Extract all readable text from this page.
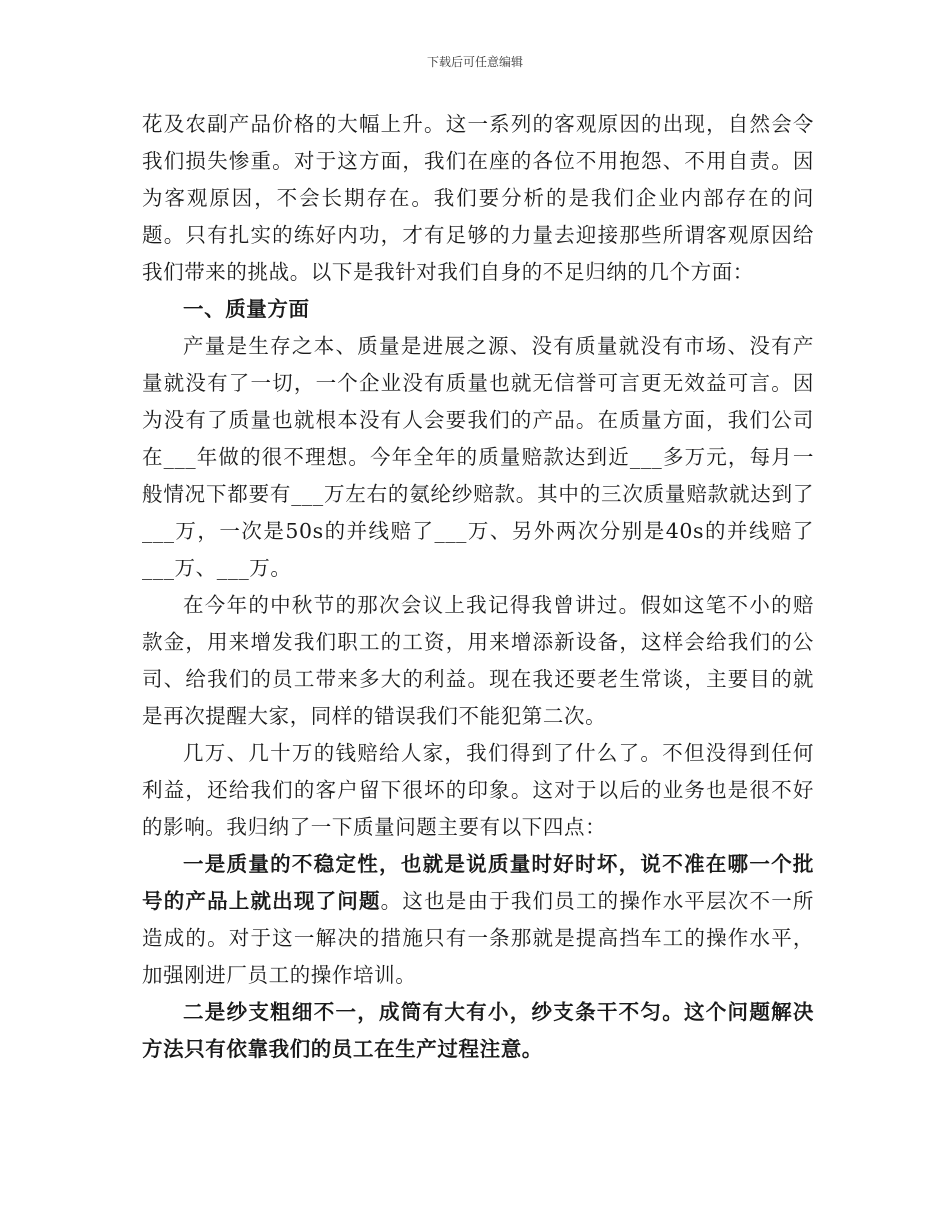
下载后可任意编辑

花及农副产品价格的大幅上升。这一系列的客观原因的出现，自然会令我们损失惨重。对于这方面，我们在座的各位不用抱怨、不用自责。因为客观原因，不会长期存在。我们要分析的是我们企业内部存在的问题。只有扎实的练好内功，才有足够的力量去迎接那些所谓客观原因给我们带来的挑战。以下是我针对我们自身的不足归纳的几个方面：

一、质量方面

产量是生存之本、质量是进展之源、没有质量就没有市场、没有产量就没有了一切，一个企业没有质量也就无信誉可言更无效益可言。因为没有了质量也就根本没有人会要我们的产品。在质量方面，我们公司在___年做的很不理想。今年全年的质量赔款达到近___多万元，每月一般情况下都要有___万左右的氨纶纱赔款。其中的三次质量赔款就达到了___万，一次是50s的并线赔了___万、另外两次分别是40s的并线赔了___万、___万。

在今年的中秋节的那次会议上我记得我曾讲过。假如这笔不小的赔款金，用来增发我们职工的工资，用来增添新设备，这样会给我们的公司、给我们的员工带来多大的利益。现在我还要老生常谈，主要目的就是再次提醒大家，同样的错误我们不能犯第二次。

几万、几十万的钱赔给人家，我们得到了什么了。不但没得到任何利益，还给我们的客户留下很坏的印象。这对于以后的业务也是很不好的影响。我归纳了一下质量问题主要有以下四点：

一是质量的不稳定性，也就是说质量时好时坏，说不准在哪一个批号的产品上就出现了问题。这也是由于我们员工的操作水平层次不一所造成的。对于这一解决的措施只有一条那就是提高挡车工的操作水平，加强刚进厂员工的操作培训。

二是纱支粗细不一，成筒有大有小，纱支条干不匀。这个问题解决方法只有依靠我们的员工在生产过程注意。
